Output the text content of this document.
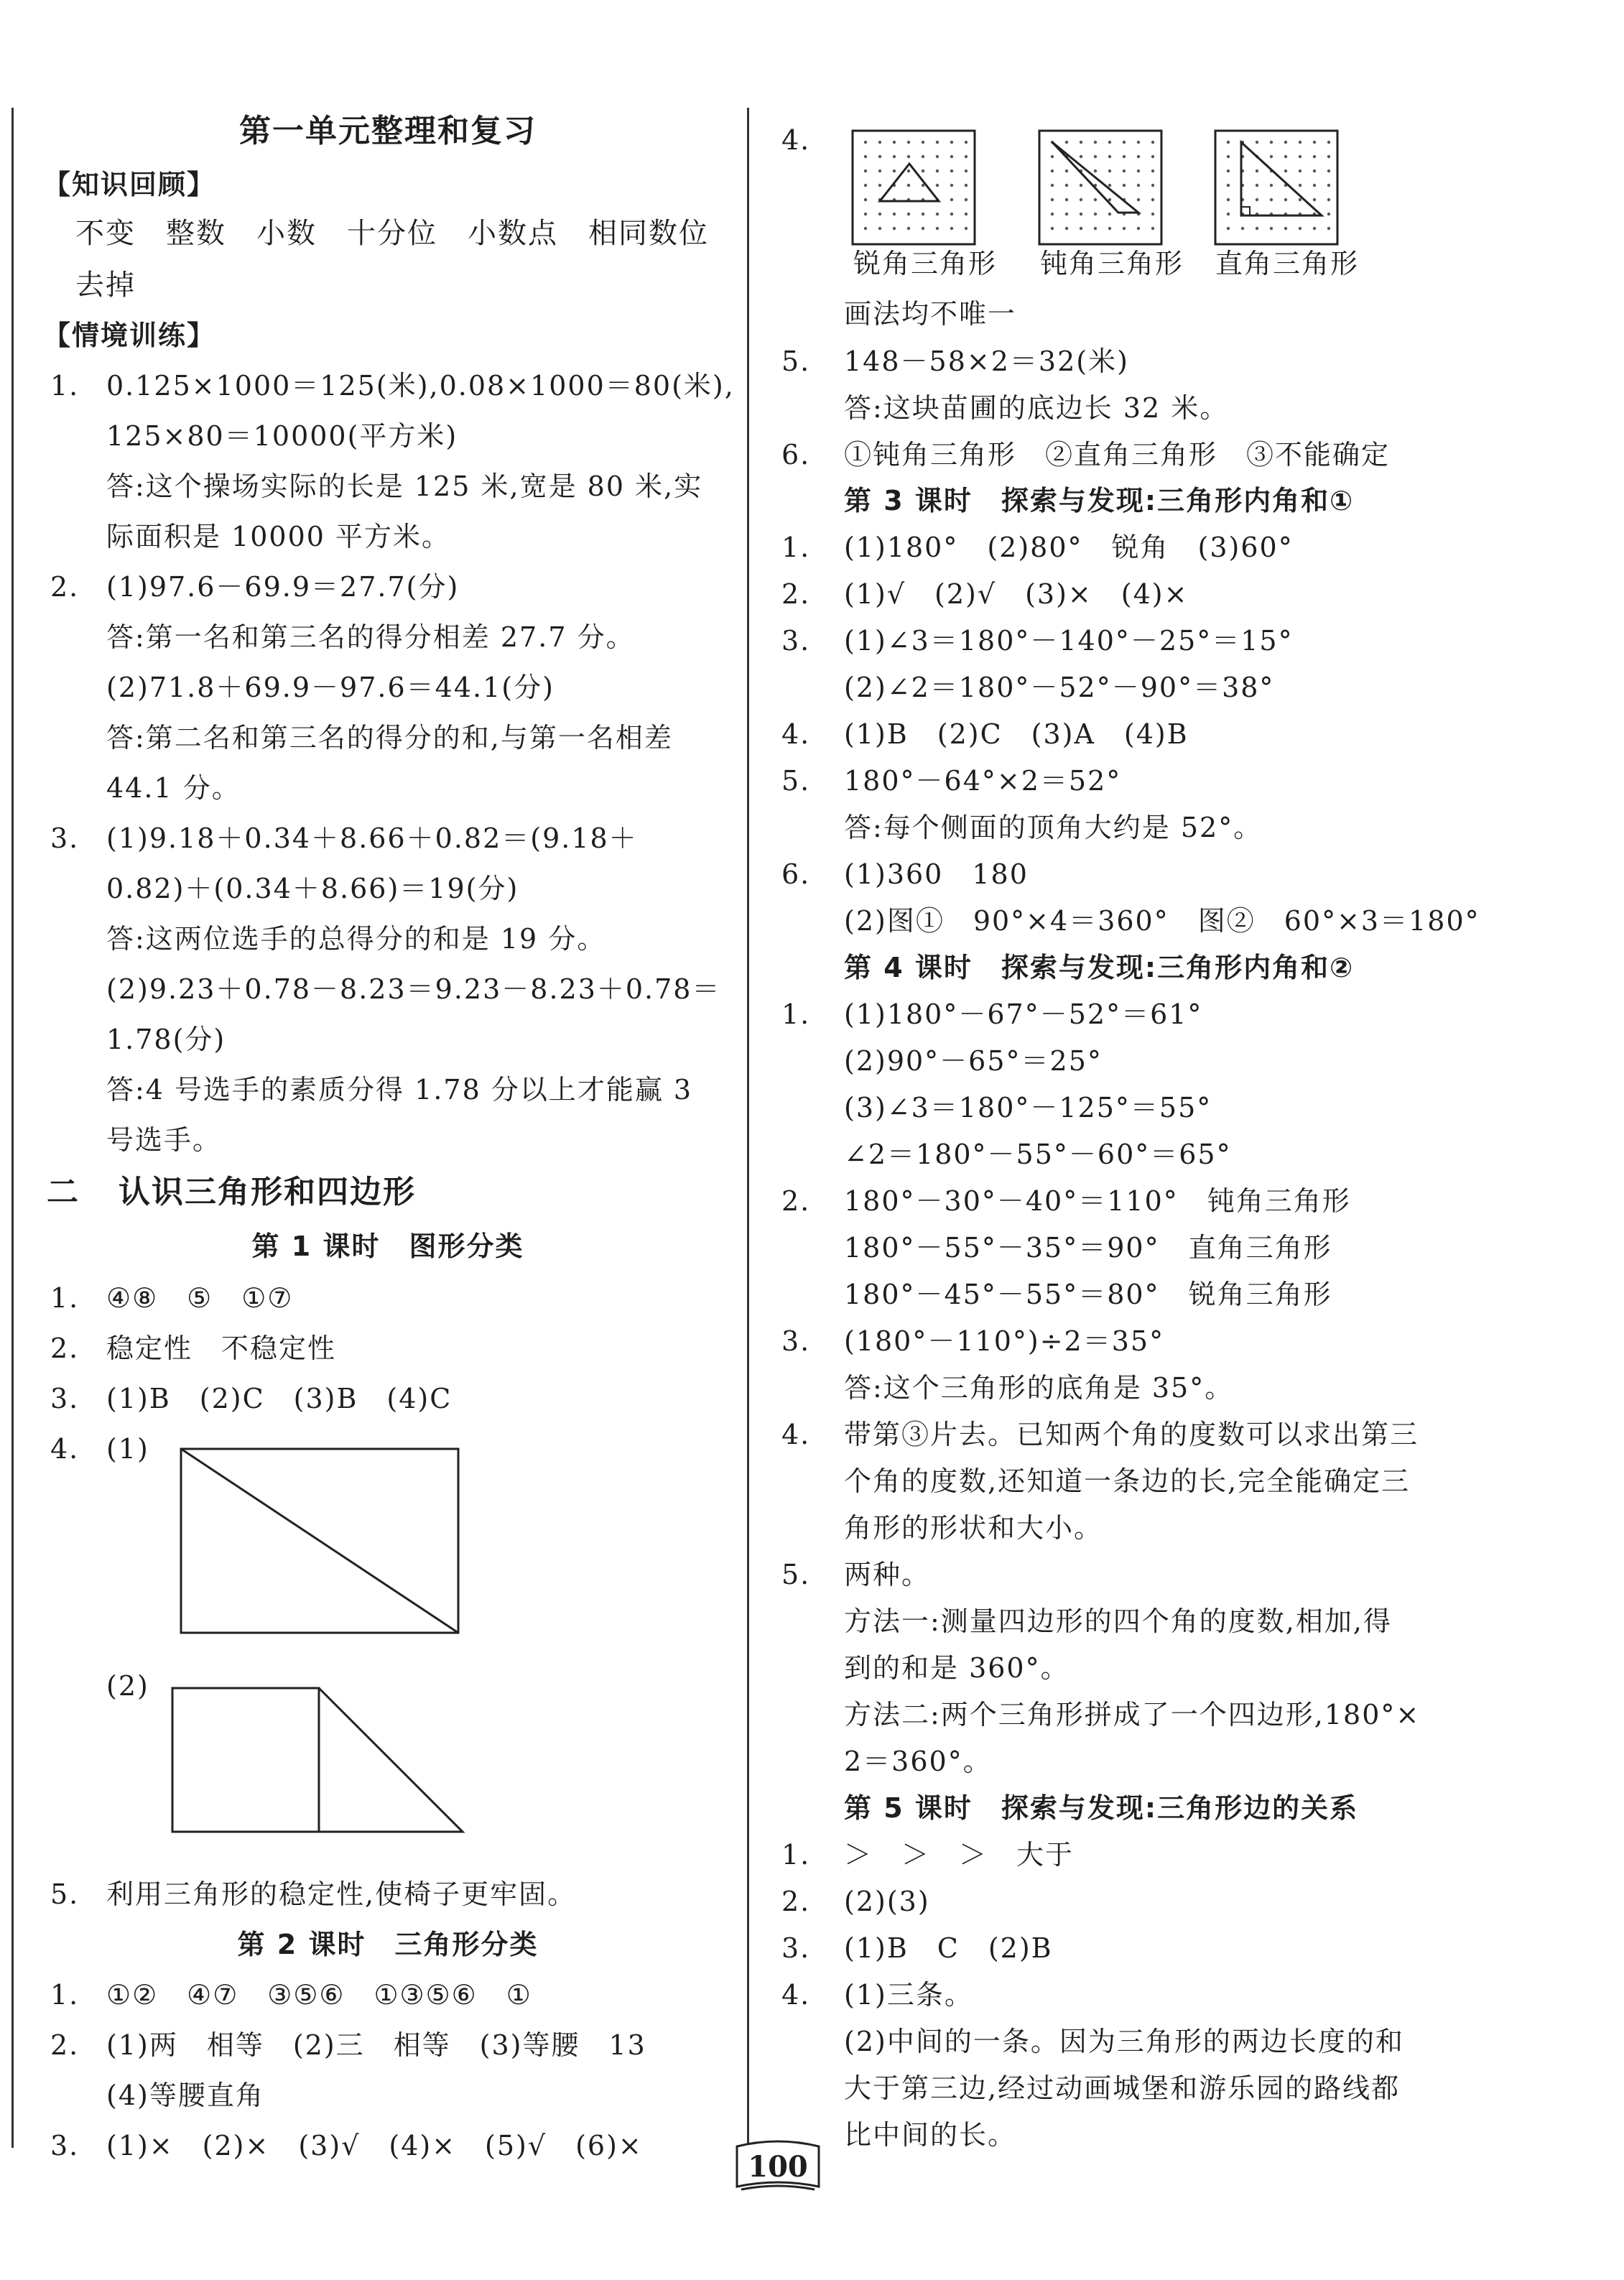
第一单元整理和复习
【知识回顾】
不变　整数　小数　十分位　小数点　相同数位
去掉
【情境训练】
1. 0.125×1000＝125(米),0.08×1000＝80(米),
125×80＝10000(平方米)
答:这个操场实际的长是 125 米,宽是 80 米,实
际面积是 10000 平方米。
2. (1)97.6－69.9＝27.7(分)
答:第一名和第三名的得分相差 27.7 分。
(2)71.8＋69.9－97.6＝44.1(分)
答:第二名和第三名的得分的和,与第一名相差
44.1 分。
3. (1)9.18＋0.34＋8.66＋0.82＝(9.18＋
0.82)＋(0.34＋8.66)＝19(分)
答:这两位选手的总得分的和是 19 分。
(2)9.23＋0.78－8.23＝9.23－8.23＋0.78＝
1.78(分)
答:4 号选手的素质分得 1.78 分以上才能赢 3
号选手。
二 认识三角形和四边形
第 1 课时　图形分类
1. ④⑧　⑤　①⑦
2. 稳定性　不稳定性
3. (1)B　(2)C　(3)B　(4)C
4. (1)
(2)
5. 利用三角形的稳定性,使椅子更牢固。
第 2 课时　三角形分类
1. ①②　④⑦　③⑤⑥　①③⑤⑥　①
2. (1)两　相等　(2)三　相等　(3)等腰　13
(4)等腰直角
3. (1)×　(2)×　(3)√　(4)×　(5)√　(6)×
4.
锐角三角形 钝角三角形 直角三角形
画法均不唯一
5. 148－58×2＝32(米)
答:这块苗圃的底边长 32 米。
6. ①钝角三角形　②直角三角形　③不能确定
第 3 课时　探索与发现:三角形内角和①
1. (1)180°　(2)80°　锐角　(3)60°
2. (1)√　(2)√　(3)×　(4)×
3. (1)∠3＝180°－140°－25°＝15°
(2)∠2＝180°－52°－90°＝38°
4. (1)B　(2)C　(3)A　(4)B
5. 180°－64°×2＝52°
答:每个侧面的顶角大约是 52°。
6. (1)360　180
(2)图①　90°×4＝360°　图②　60°×3＝180°
第 4 课时　探索与发现:三角形内角和②
1. (1)180°－67°－52°＝61°
(2)90°－65°＝25°
(3)∠3＝180°－125°＝55°
∠2＝180°－55°－60°＝65°
2. 180°－30°－40°＝110°　钝角三角形
180°－55°－35°＝90°　直角三角形
180°－45°－55°＝80°　锐角三角形
3. (180°－110°)÷2＝35°
答:这个三角形的底角是 35°。
4. 带第③片去。已知两个角的度数可以求出第三
个角的度数,还知道一条边的长,完全能确定三
角形的形状和大小。
5. 两种。
方法一:测量四边形的四个角的度数,相加,得
到的和是 360°。
方法二:两个三角形拼成了一个四边形,180°×
2＝360°。
第 5 课时　探索与发现:三角形边的关系
1. ＞　＞　＞　大于
2. (2)(3)
3. (1)B　C　(2)B
4. (1)三条。
(2)中间的一条。因为三角形的两边长度的和
大于第三边,经过动画城堡和游乐园的路线都
比中间的长。
100
